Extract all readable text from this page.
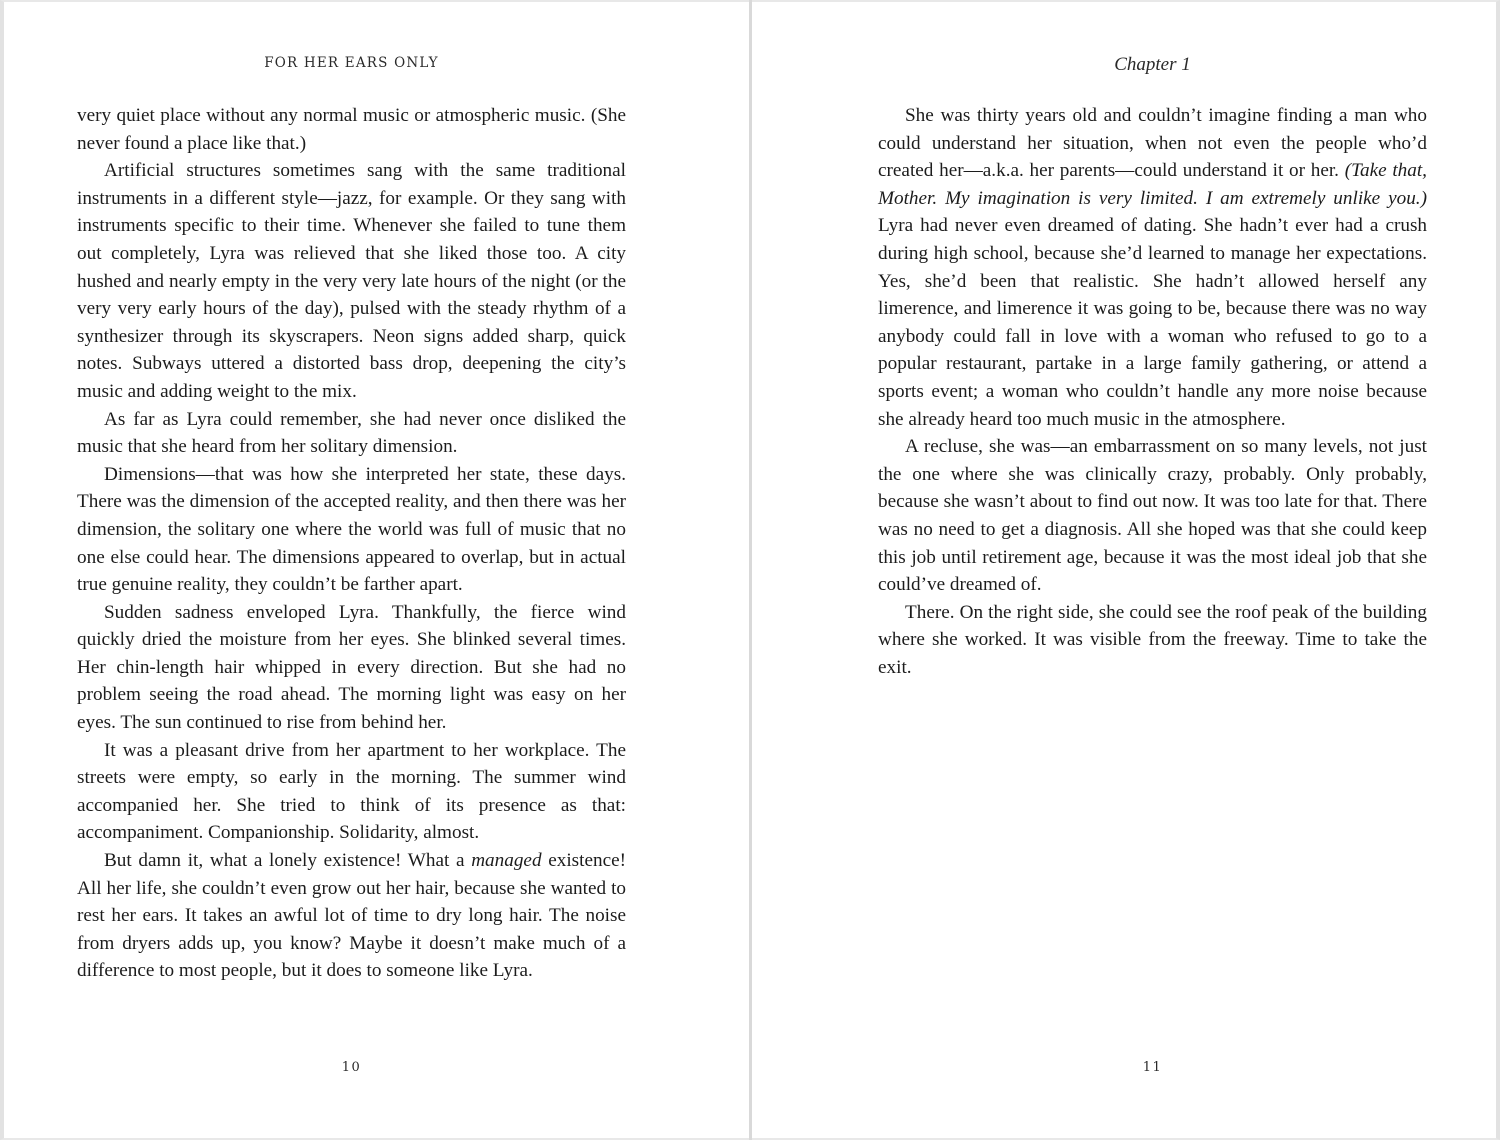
FOR HER EARS ONLY

very quiet place without any normal music or atmospheric music. (She never found a place like that.)

Artificial structures sometimes sang with the same traditional instruments in a different style—jazz, for example. Or they sang with instruments specific to their time. Whenever she failed to tune them out completely, Lyra was relieved that she liked those too. A city hushed and nearly empty in the very very late hours of the night (or the very very early hours of the day), pulsed with the steady rhythm of a synthesizer through its skyscrapers. Neon signs added sharp, quick notes. Subways uttered a distorted bass drop, deepening the city’s music and adding weight to the mix.

As far as Lyra could remember, she had never once disliked the music that she heard from her solitary dimension.

Dimensions—that was how she interpreted her state, these days. There was the dimension of the accepted reality, and then there was her dimension, the solitary one where the world was full of music that no one else could hear. The dimensions appeared to overlap, but in actual true genuine reality, they couldn’t be farther apart.

Sudden sadness enveloped Lyra. Thankfully, the fierce wind quickly dried the moisture from her eyes. She blinked several times. Her chin-length hair whipped in every direction. But she had no problem seeing the road ahead. The morning light was easy on her eyes. The sun continued to rise from behind her.

It was a pleasant drive from her apartment to her workplace. The streets were empty, so early in the morning. The summer wind accompanied her. She tried to think of its presence as that: accompaniment. Companionship. Solidarity, almost.

But damn it, what a lonely existence! What a managed existence! All her life, she couldn’t even grow out her hair, because she wanted to rest her ears. It takes an awful lot of time to dry long hair. The noise from dryers adds up, you know? Maybe it doesn’t make much of a difference to most people, but it does to someone like Lyra.

10
Chapter 1

She was thirty years old and couldn’t imagine finding a man who could understand her situation, when not even the people who’d created her—a.k.a. her parents—could understand it or her. (Take that, Mother. My imagination is very limited. I am extremely unlike you.) Lyra had never even dreamed of dating. She hadn’t ever had a crush during high school, because she’d learned to manage her expectations. Yes, she’d been that realistic. She hadn’t allowed herself any limerence, and limerence it was going to be, because there was no way anybody could fall in love with a woman who refused to go to a popular restaurant, partake in a large family gathering, or attend a sports event; a woman who couldn’t handle any more noise because she already heard too much music in the atmosphere.

A recluse, she was—an embarrassment on so many levels, not just the one where she was clinically crazy, probably. Only probably, because she wasn’t about to find out now. It was too late for that. There was no need to get a diagnosis. All she hoped was that she could keep this job until retirement age, because it was the most ideal job that she could’ve dreamed of.

There. On the right side, she could see the roof peak of the building where she worked. It was visible from the freeway. Time to take the exit.

11
